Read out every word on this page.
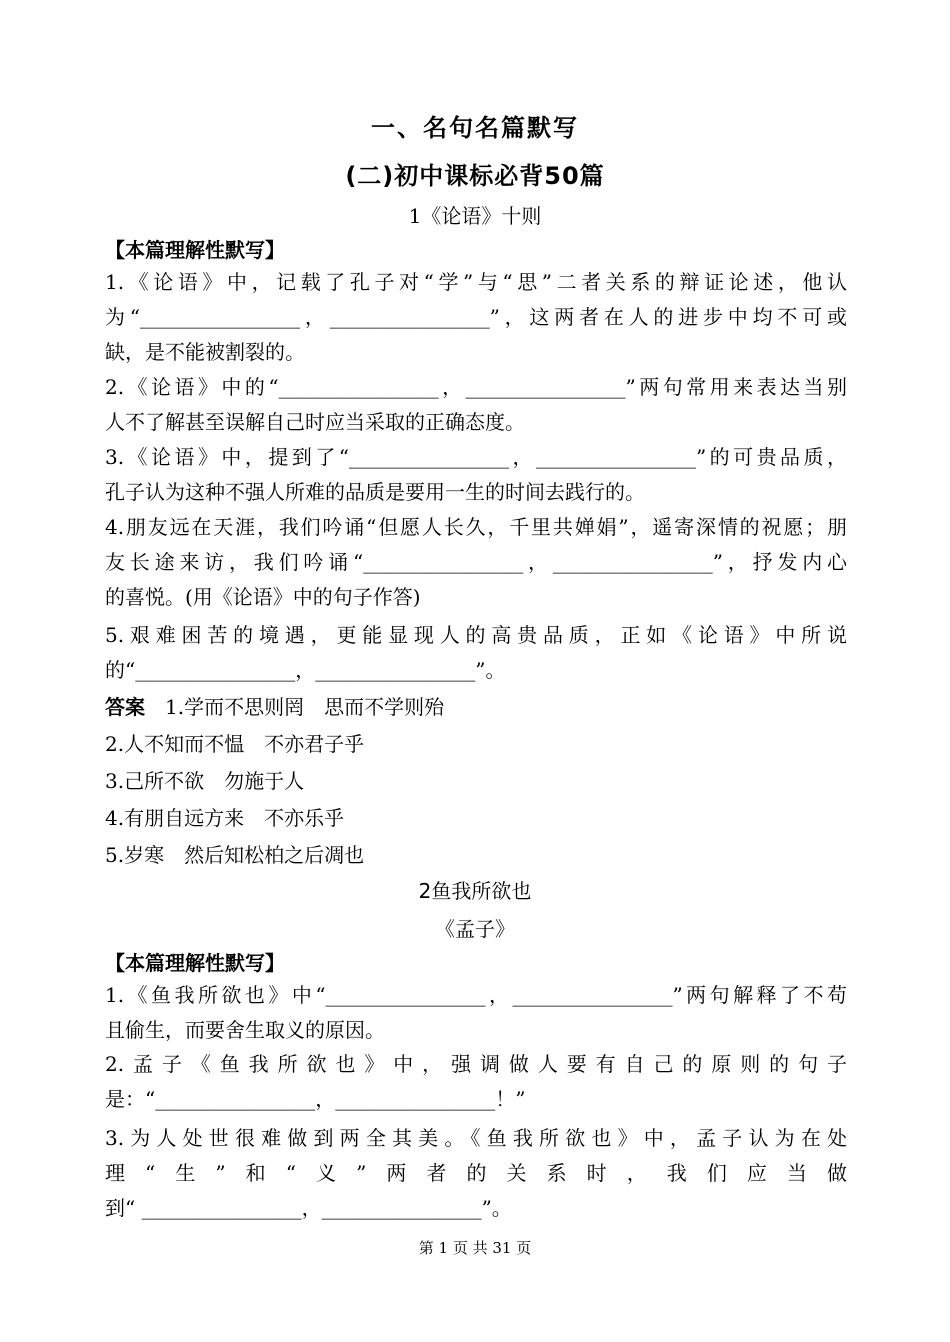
一、名句名篇默写
(二)初中课标必背50篇
1《论语》十则
【本篇理解性默写】

1.《论语》中，记载了孔子对“学”与“思”二者关系的辩证论述，他认

为“________________，________________”，这两者在人的进步中均不可或

缺，是不能被割裂的。

2.《论语》中的“________________，________________”两句常用来表达当别

人不了解甚至误解自己时应当采取的正确态度。

3.《论语》中，提到了“________________，________________”的可贵品质，

孔子认为这种不强人所难的品质是要用一生的时间去践行的。

4.朋友远在天涯，我们吟诵“但愿人长久，千里共婵娟”，遥寄深情的祝愿；朋

友长途来访，我们吟诵“________________，________________”，抒发内心

的喜悦。(用《论语》中的句子作答)

5.艰难困苦的境遇，更能显现人的高贵品质，正如《论语》中所说

的“________________，________________”。

答案　 1.学而不思则罔　思而不学则殆

2.人不知而不愠　不亦君子乎

3.己所不欲　勿施于人

4.有朋自远方来　不亦乐乎

5.岁寒　然后知松柏之后凋也

2鱼我所欲也
《孟子》
【本篇理解性默写】

1.《鱼我所欲也》中“________________，________________”两句解释了不苟

且偷生，而要舍生取义的原因。

2.孟子《鱼我所欲也》中，强调做人要有自己的原则的句子

是：“________________，________________！”

3.为人处世很难做到两全其美。《鱼我所欲也》中，孟子认为在处

理“生”和“义”两者的关系时，我们应当做

到“ ________________，________________”。

第 1 页 共 31 页
